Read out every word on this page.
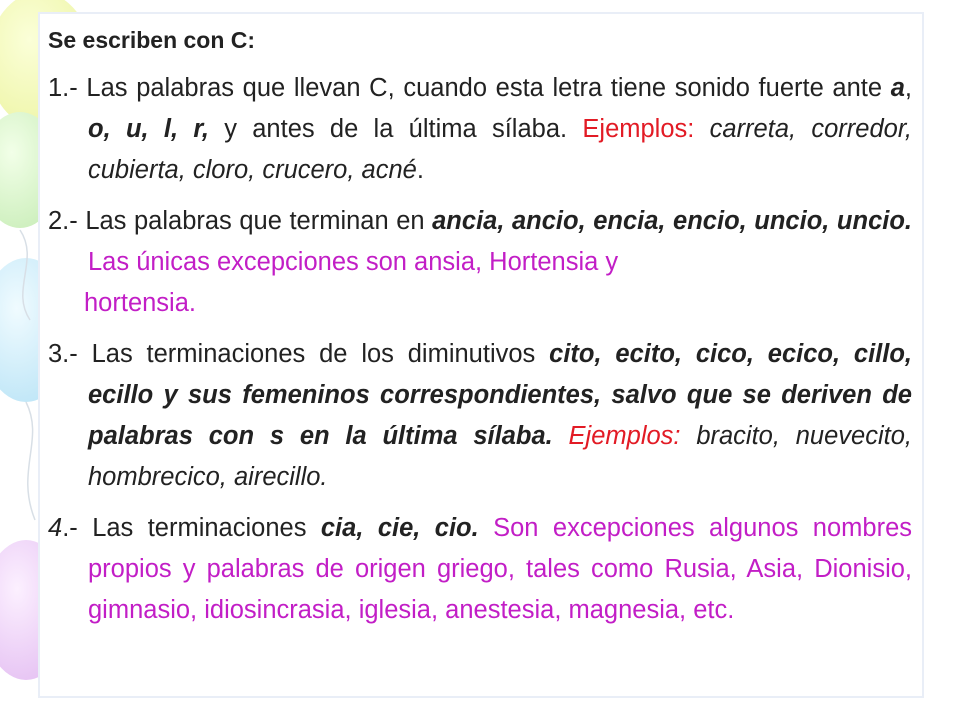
Se escriben con C:

1.- Las palabras que llevan C, cuando esta letra tiene sonido fuerte ante a, o, u, l, r, y antes de la última sílaba. Ejemplos: carreta, corredor, cubierta, cloro, crucero, acné.

2.- Las palabras que terminan en ancia, ancio, encia, encio, uncio, uncio. Las únicas excepciones son ansia, Hortensia y
hortensia.

3.- Las terminaciones de los diminutivos cito, ecito, cico, ecico, cillo, ecillo y sus femeninos correspondientes, salvo que se deriven de palabras con s en la última sílaba. Ejemplos: bracito, nuevecito, hombrecico, airecillo.

4.- Las terminaciones cia, cie, cio. Son excepciones algunos nombres propios y palabras de origen griego, tales como Rusia, Asia, Dionisio, gimnasio, idiosincrasia, iglesia, anestesia, magnesia, etc.
